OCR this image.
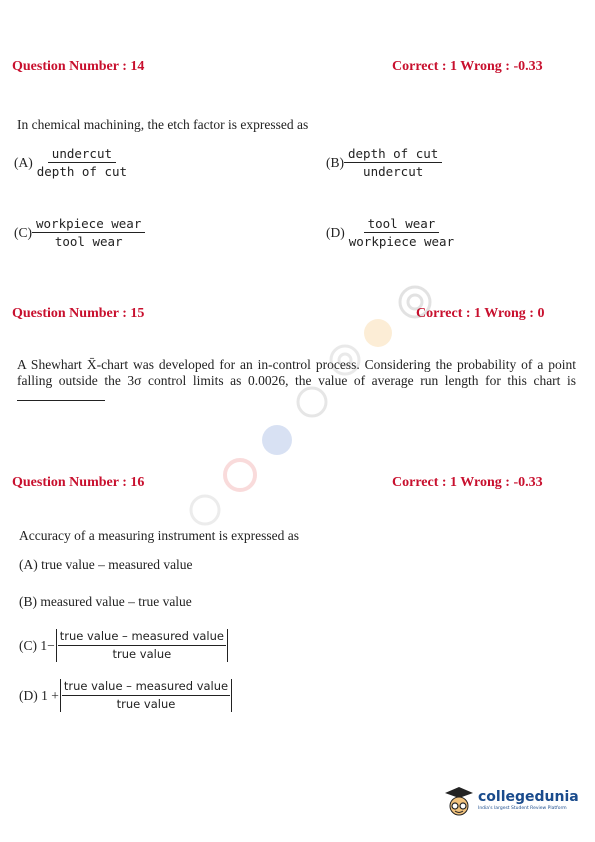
Question Number : 14	Correct : 1 Wrong : -0.33
In chemical machining, the etch factor is expressed as
$(A) \frac{\text{undercut}}{\text{depth of cut}}$	$(B) \frac{\text{depth of cut}}{\text{undercut}}$
$(C) \frac{\text{workpiece wear}}{\text{tool wear}}$	$(D) \frac{\text{tool wear}}{\text{workpiece wear}}$
Question Number : 15	Correct : 1 Wrong : 0
A Shewhart X̄-chart was developed for an in-control process. Considering the probability of a point falling outside the 3σ control limits as 0.0026, the value of average run length for this chart is
Question Number : 16	Correct : 1 Wrong : -0.33
Accuracy of a measuring instrument is expressed as
(A) true value – measured value
(B) measured value – true value
(C) $1- \frac{\text{true value – measured value}}{\text{true value}}$
(D) $1 + \frac{\text{true value – measured value}}{\text{true value}}$
collegedunia
India's largest Student Review Platform
